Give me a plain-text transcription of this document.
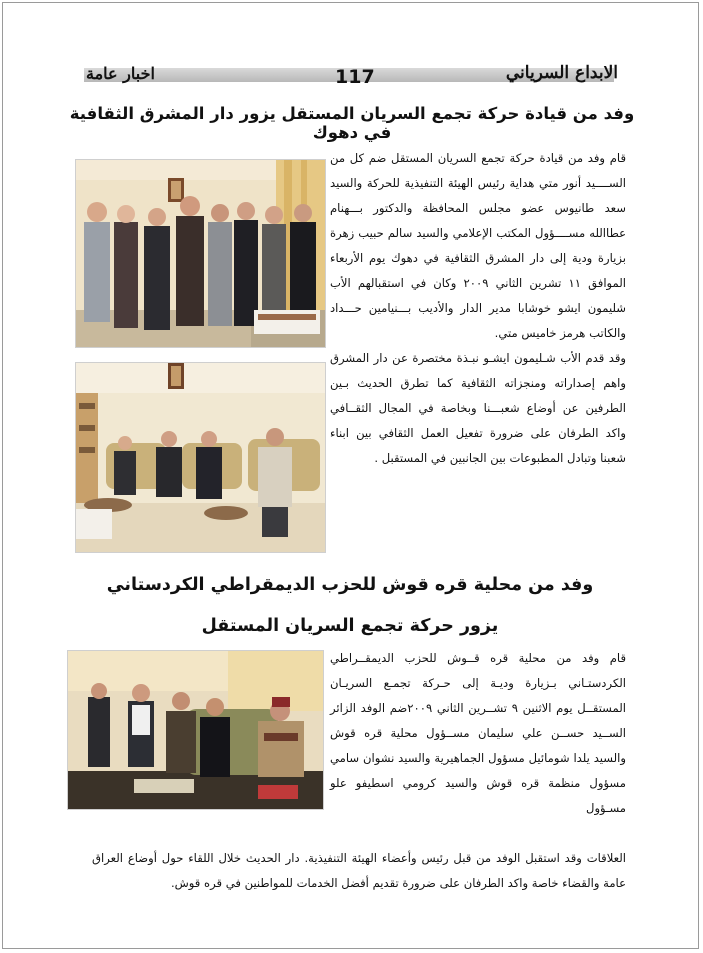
الابداع السرياني
117
اخبار عامة
وفد من قيادة حركة تجمع السريان المستقل يزور دار المشرق الثقافية في دهوك

قام وفد من قيادة حركة تجمع السريان المستقل ضم كل من الســــيد أنور متي هداية رئيس الهيئة التنفيذية للحركة والسيد سعد طانيوس عضو مجلس المحافظة والدكتور بـــهنام عطاالله مســــؤول المكتب الإعلامي والسيد سالم حبيب زهرة بزيارة ودية إلى دار المشرق الثقافية في دهوك يوم الأربعاء الموافق ١١ تشرين الثاني ٢٠٠٩ وكان في استقبالهم الأب شليمون ايشو خوشابا مدير الدار والأديب بـــنيامين حـــداد والكاتب هرمز خاميس متي.

وقد قدم الأب شـليمون ايشـو نبـذة مختصرة عن دار المشرق واهم إصداراته ومنجزاته الثقافية كما تطرق الحديث بـين الطرفين عن أوضاع شعبـــنا وبخاصة في المجال الثقــافي واكد الطرفان على ضرورة تفعيل العمل الثقافي بين ابناء شعبنا وتبادل المطبوعات بين الجانبين في المستقبل .

وفد من محلية قره قوش للحزب الديمقراطي الكردستاني
يزور حركة تجمع السريان المستقل

قام وفد من محلية قره قــوش للحزب الديمقــراطي الكردستـاني بـزيارة وديـة إلى حـركة تجمـع السريـان المستقــل يوم الاثنين ٩ تشــرين الثاني ٢٠٠٩ضم الوفد الزائر الســيد حســن علي سليمان مســؤول محلية قره قوش والسيد يلدا شومائيل مسؤول الجماهيرية والسيد نشوان سامي مسؤول منظمة قره قوش والسيد كرومي اسطيفو علو مسـؤول

العلاقات وقد استقبل الوفد من قبل رئيس وأعضاء الهيئة التنفيذية. دار الحديث خلال اللقاء حول أوضاع العراق عامة والقضاء خاصة واكد الطرفان على ضرورة تقديم أفضل الخدمات للمواطنين في قره قوش.
